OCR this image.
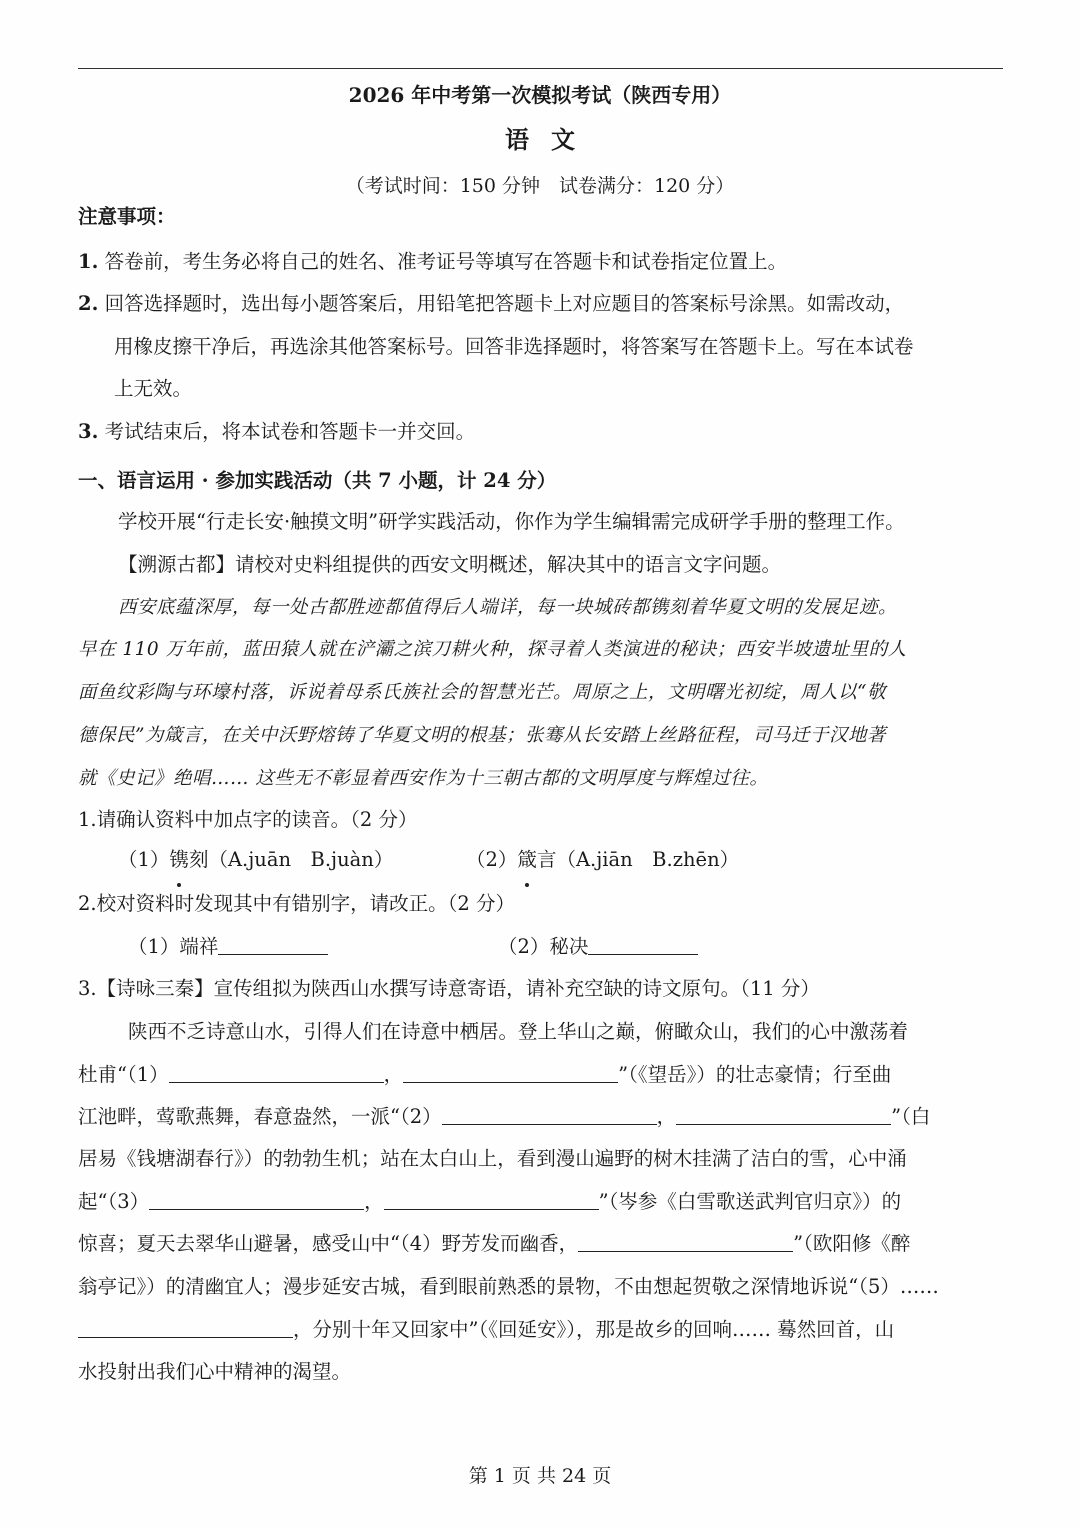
2026 年中考第一次模拟考试（陕西专用）
语文
（考试时间：150 分钟　试卷满分：120 分）
注意事项：
1. 答卷前，考生务必将自己的姓名、准考证号等填写在答题卡和试卷指定位置上。
2. 回答选择题时，选出每小题答案后，用铅笔把答题卡上对应题目的答案标号涂黑。如需改动，
用橡皮擦干净后，再选涂其他答案标号。回答非选择题时，将答案写在答题卡上。写在本试卷
上无效。
3. 考试结束后，将本试卷和答题卡一并交回。
一、语言运用 · 参加实践活动（共 7 小题，计 24 分）
学校开展“行走长安·触摸文明”研学实践活动，你作为学生编辑需完成研学手册的整理工作。
【溯源古都】请校对史料组提供的西安文明概述，解决其中的语言文字问题。
西安底蕴深厚，每一处古都胜迹都值得后人端详，每一块城砖都镌刻着华夏文明的发展足迹。
早在 110 万年前，蓝田猿人就在浐灞之滨刀耕火种，探寻着人类演进的秘诀；西安半坡遗址里的人
面鱼纹彩陶与环壕村落，诉说着母系氏族社会的智慧光芒。周原之上，文明曙光初绽，周人以“敬
德保民”为箴言，在关中沃野熔铸了华夏文明的根基；张骞从长安踏上丝路征程，司马迁于汉地著
就《史记》绝唱…… 这些无不彰显着西安作为十三朝古都的文明厚度与辉煌过往。
1.请确认资料中加点字的读音。（2 分）
（1）镌刻（A.juān　B.juàn）	（2）箴言（A.jiān　B.zhēn）
2.校对资料时发现其中有错别字，请改正。（2 分）
（1）端祥	（2）秘决
3.【诗咏三秦】宣传组拟为陕西山水撰写诗意寄语，请补充空缺的诗文原句。（11 分）
陕西不乏诗意山水，引得人们在诗意中栖居。登上华山之巅，俯瞰众山，我们的心中激荡着
杜甫“（1）	，	”（《望岳》）的壮志豪情；行至曲
江池畔，莺歌燕舞，春意盎然，一派“（2）	，	”（白
居易《钱塘湖春行》）的勃勃生机；站在太白山上，看到漫山遍野的树木挂满了洁白的雪，心中涌
起“（3）	，	”（岑参《白雪歌送武判官归京》）的
惊喜；夏天去翠华山避暑，感受山中“（4）野芳发而幽香，	”（欧阳修《醉
翁亭记》）的清幽宜人；漫步延安古城，看到眼前熟悉的景物，不由想起贺敬之深情地诉说“（5）……
，分别十年又回家中”（《回延安》），那是故乡的回响…… 蓦然回首，山
水投射出我们心中精神的渴望。
第 1 页 共 24 页
